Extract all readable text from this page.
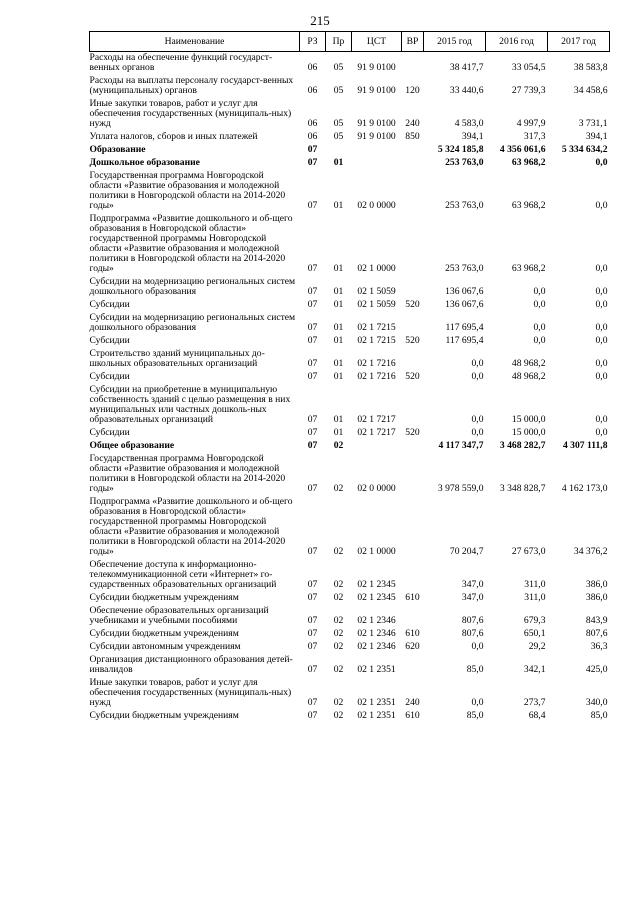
215
Наименование	РЗ	Пр	ЦСТ	ВР	2015 год	2016 год	2017 год
Расходы на обеспечение функций государст-венных органов	06	05	91 9 0100		38 417,7	33 054,5	38 583,8
Расходы на выплаты персоналу государст-венных (муниципальных) органов	06	05	91 9 0100	120	33 440,6	27 739,3	34 458,6
Иные закупки товаров, работ и услуг для обеспечения государственных (муниципаль-ных) нужд	06	05	91 9 0100	240	4 583,0	4 997,9	3 731,1
Уплата налогов, сборов и иных платежей	06	05	91 9 0100	850	394,1	317,3	394,1
Образование	07				5 324 185,8	4 356 061,6	5 334 634,2
Дошкольное образование	07	01			253 763,0	63 968,2	0,0
Государственная программа Новгородской области «Развитие образования и молодежной политики в Новгородской области на 2014-2020 годы»	07	01	02 0 0000		253 763,0	63 968,2	0,0
Подпрограмма «Развитие дошкольного и об-щего образования в Новгородской области» государственной программы Новгородской области «Развитие образования и молодежной политики в Новгородской области на 2014-2020 годы»	07	01	02 1 0000		253 763,0	63 968,2	0,0
Субсидии на модернизацию региональных систем дошкольного образования	07	01	02 1 5059		136 067,6	0,0	0,0
Субсидии	07	01	02 1 5059	520	136 067,6	0,0	0,0
Субсидии на модернизацию региональных систем дошкольного образования	07	01	02 1 7215		117 695,4	0,0	0,0
Субсидии	07	01	02 1 7215	520	117 695,4	0,0	0,0
Строительство зданий муниципальных до-школьных образовательных организаций	07	01	02 1 7216		0,0	48 968,2	0,0
Субсидии	07	01	02 1 7216	520	0,0	48 968,2	0,0
Субсидии на приобретение в муниципальную собственность зданий с целью размещения в них муниципальных или частных дошколь-ных образовательных организаций	07	01	02 1 7217		0,0	15 000,0	0,0
Субсидии	07	01	02 1 7217	520	0,0	15 000,0	0,0
Общее образование	07	02			4 117 347,7	3 468 282,7	4 307 111,8
Государственная программа Новгородской области «Развитие образования и молодежной политики в Новгородской области на 2014-2020 годы»	07	02	02 0 0000		3 978 559,0	3 348 828,7	4 162 173,0
Подпрограмма «Развитие дошкольного и об-щего образования в Новгородской области» государственной программы Новгородской области «Развитие образования и молодежной политики в Новгородской области на 2014-2020 годы»	07	02	02 1 0000		70 204,7	27 673,0	34 376,2
Обеспечение доступа к информационно-телекоммуникационной сети «Интернет» го-сударственных образовательных организаций	07	02	02 1 2345		347,0	311,0	386,0
Субсидии бюджетным учреждениям	07	02	02 1 2345	610	347,0	311,0	386,0
Обеспечение образовательных организаций учебниками и учебными пособиями	07	02	02 1 2346		807,6	679,3	843,9
Субсидии бюджетным учреждениям	07	02	02 1 2346	610	807,6	650,1	807,6
Субсидии автономным учреждениям	07	02	02 1 2346	620	0,0	29,2	36,3
Организация дистанционного образования детей-инвалидов	07	02	02 1 2351		85,0	342,1	425,0
Иные закупки товаров, работ и услуг для обеспечения государственных (муниципаль-ных) нужд	07	02	02 1 2351	240	0,0	273,7	340,0
Субсидии бюджетным учреждениям	07	02	02 1 2351	610	85,0	68,4	85,0
